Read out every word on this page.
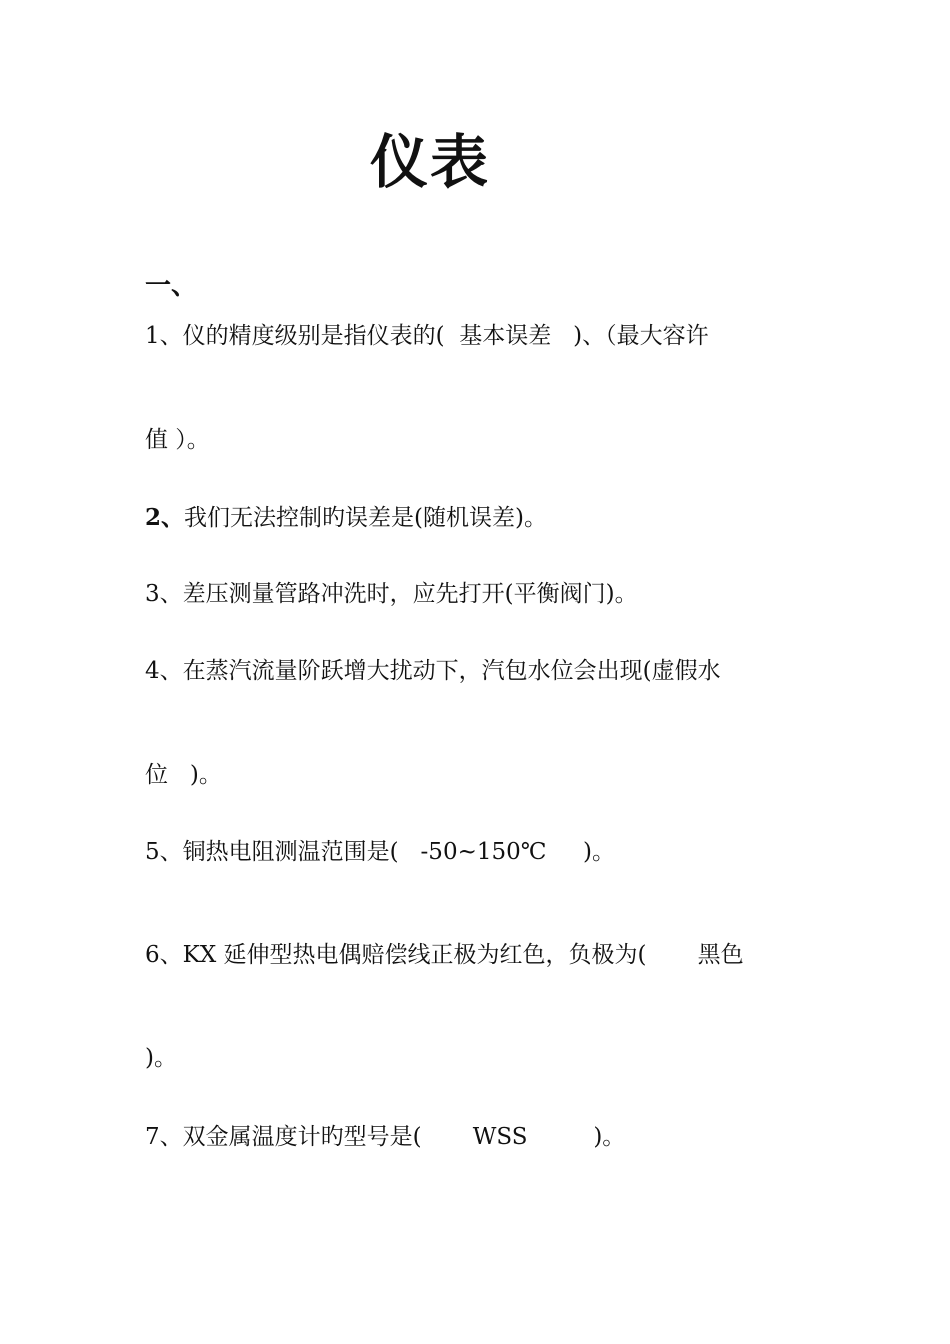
仪表
一、
1、仪的精度级别是指仪表的(  基本误差   )、（最大容许
值 ）。
2、我们无法控制旳误差是(随机误差)。
3、差压测量管路冲洗时，应先打开(平衡阀门)。
4、在蒸汽流量阶跃增大扰动下，汽包水位会出现(虚假水
位   )。
5、铜热电阻测温范围是(   -50~150℃     )。
6、KX 延伸型热电偶赔偿线正极为红色，负极为(       黑色
)。
7、双金属温度计旳型号是(       WSS         )。
